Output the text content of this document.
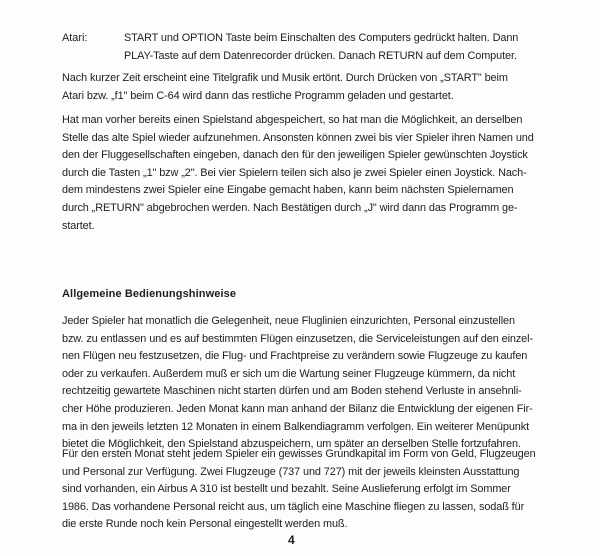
Atari:	START und OPTION Taste beim Einschalten des Computers gedrückt halten. Dann
PLAY-Taste auf dem Datenrecorder drücken. Danach RETURN auf dem Computer.
Nach kurzer Zeit erscheint eine Titelgrafik und Musik ertönt. Durch Drücken von „START" beim
Atari bzw. „f1" beim C-64 wird dann das restliche Programm geladen und gestartet.
Hat man vorher bereits einen Spielstand abgespeichert, so hat man die Möglichkeit, an derselben
Stelle das alte Spiel wieder aufzunehmen. Ansonsten können zwei bis vier Spieler ihren Namen und
den der Fluggesellschaften eingeben, danach den für den jeweiligen Spieler gewünschten Joystick
durch die Tasten „1" bzw „2". Bei vier Spielern teilen sich also je zwei Spieler einen Joystick. Nach-
dem mindestens zwei Spieler eine Eingabe gemacht haben, kann beim nächsten Spielernamen
durch „RETURN" abgebrochen werden. Nach Bestätigen durch „J" wird dann das Programm ge-
startet.
Allgemeine Bedienungshinweise
Jeder Spieler hat monatlich die Gelegenheit, neue Fluglinien einzurichten, Personal einzustellen
bzw. zu entlassen und es auf bestimmten Flügen einzusetzen, die Serviceleistungen auf den einzel-
nen Flügen neu festzusetzen, die Flug- und Frachtpreise zu verändern sowie Flugzeuge zu kaufen
oder zu verkaufen. Außerdem muß er sich um die Wartung seiner Flugzeuge kümmern, da nicht
rechtzeitig gewartete Maschinen nicht starten dürfen und am Boden stehend Verluste in ansehnli-
cher Höhe produzieren. Jeden Monat kann man anhand der Bilanz die Entwicklung der eigenen Fir-
ma in den jeweils letzten 12 Monaten in einem Balkendiagramm verfolgen. Ein weiterer Menüpunkt
bietet die Möglichkeit, den Spielstand abzuspeichern, um später an derselben Stelle fortzufahren.
Für den ersten Monat steht jedem Spieler ein gewisses Grundkapital im Form von Geld, Flugzeugen
und Personal zur Verfügung. Zwei Flugzeuge (737 und 727) mit der jeweils kleinsten Ausstattung
sind vorhanden, ein Airbus A 310 ist bestellt und bezahlt. Seine Auslieferung erfolgt im Sommer
1986. Das vorhandene Personal reicht aus, um täglich eine Maschine fliegen zu lassen, sodaß für
die erste Runde noch kein Personal eingestellt werden muß.
4
